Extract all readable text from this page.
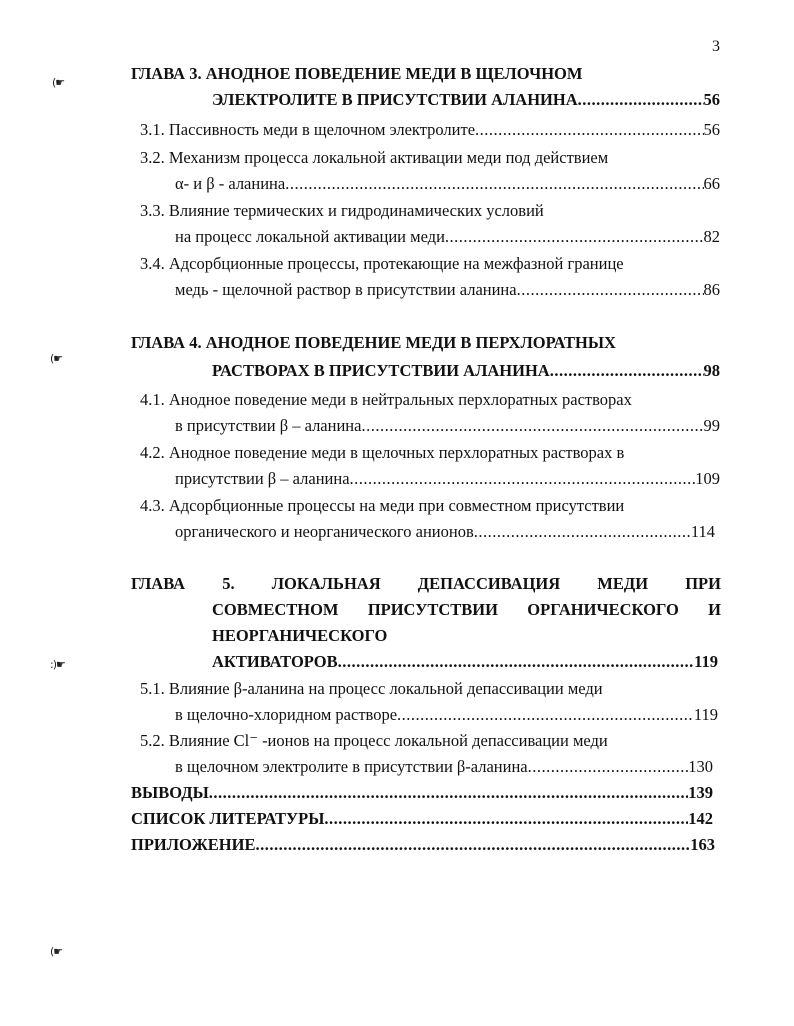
3
(☛
(☛
:)☛
(☛
ГЛАВА 3. АНОДНОЕ ПОВЕДЕНИЕ МЕДИ В ЩЕЛОЧНОМ
ЭЛЕКТРОЛИТЕ В ПРИСУТСТВИИ АЛАНИНА .....	56
3.1. Пассивность меди в щелочном электролите .....	56
3.2. Механизм процесса локальной активации меди под действием
α- и β - аланина .....	66
3.3. Влияние термических и гидродинамических условий
на процесс локальной активации меди .....	82
3.4. Адсорбционные процессы, протекающие на межфазной границе
медь - щелочной раствор в присутствии аланина .....	86
ГЛАВА 4. АНОДНОЕ ПОВЕДЕНИЕ МЕДИ В ПЕРХЛОРАТНЫХ
РАСТВОРАХ В ПРИСУТСТВИИ АЛАНИНА .....	98
4.1. Анодное поведение меди в нейтральных перхлоратных растворах
в присутствии β – аланина .....	99
4.2. Анодное поведение меди в щелочных перхлоратных растворах в
присутствии β – аланина .....	109
4.3. Адсорбционные процессы на меди при совместном присутствии
органического и неорганического анионов .....	114
ГЛАВА 5. ЛОКАЛЬНАЯ ДЕПАССИВАЦИЯ МЕДИ ПРИ
СОВМЕСТНОМ ПРИСУТСТВИИ ОРГАНИЧЕСКОГО И
НЕОРГАНИЧЕСКОГО
АКТИВАТОРОВ .....	119
5.1. Влияние β-аланина на процесс локальной депассивации меди
в щелочно-хлоридном растворе .....	119
5.2. Влияние Cl⁻ -ионов на процесс локальной депассивации меди
в щелочном электролите в присутствии β-аланина .....	130
ВЫВОДЫ .....	139
СПИСОК ЛИТЕРАТУРЫ .....	142
ПРИЛОЖЕНИЕ .....	163
